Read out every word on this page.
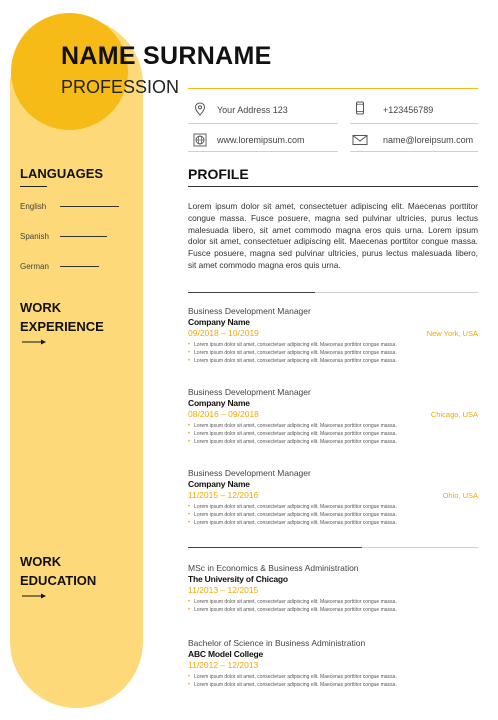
NAME SURNAME
PROFESSION
Your Address 123	+123456789
www.loremipsum.com	name@loreipsum.com
LANGUAGES
English
Spanish
German
WORK
EXPERIENCE
WORK
EDUCATION
PROFILE
Lorem ipsum dolor sit amet, consectetuer adipiscing elit. Maecenas porttitor congue massa. Fusce posuere, magna sed pulvinar ultricies, purus lectus malesuada libero, sit amet commodo magna eros quis urna. Lorem ipsum dolor sit amet, consectetuer adipiscing elit. Maecenas porttitor congue massa. Fusce posuere, magna sed pulvinar ultricies, purus lectus malesuada libero, sit amet commodo magna eros quis urna.
Business Development Manager
Company Name
09/2018 – 10/2019	New York, USA
• Lorem ipsum dolor sit amet, consectetuer adipiscing elit. Maecenas porttitor congue massa.
• Lorem ipsum dolor sit amet, consectetuer adipiscing elit. Maecenas porttitor congue massa.
• Lorem ipsum dolor sit amet, consectetuer adipiscing elit. Maecenas porttitor congue massa.
Business Development Manager
Company Name
08/2016 – 09/2018	Chicago, USA
• Lorem ipsum dolor sit amet, consectetuer adipiscing elit. Maecenas porttitor congue massa.
• Lorem ipsum dolor sit amet, consectetuer adipiscing elit. Maecenas porttitor congue massa.
• Lorem ipsum dolor sit amet, consectetuer adipiscing elit. Maecenas porttitor congue massa.
Business Development Manager
Company Name
11/2015 – 12/2016	Ohio, USA
• Lorem ipsum dolor sit amet, consectetuer adipiscing elit. Maecenas porttitor congue massa.
• Lorem ipsum dolor sit amet, consectetuer adipiscing elit. Maecenas porttitor congue massa.
• Lorem ipsum dolor sit amet, consectetuer adipiscing elit. Maecenas porttitor congue massa.
MSc in Economics & Business Administration
The University of Chicago
11/2013 – 12/2015
• Lorem ipsum dolor sit amet, consectetuer adipiscing elit. Maecenas porttitor congue massa.
• Lorem ipsum dolor sit amet, consectetuer adipiscing elit. Maecenas porttitor congue massa.
Bachelor of Science in Business Administration
ABC Model College
11/2012 – 12/2013
• Lorem ipsum dolor sit amet, consectetuer adipiscing elit. Maecenas porttitor congue massa.
• Lorem ipsum dolor sit amet, consectetuer adipiscing elit. Maecenas porttitor congue massa.
